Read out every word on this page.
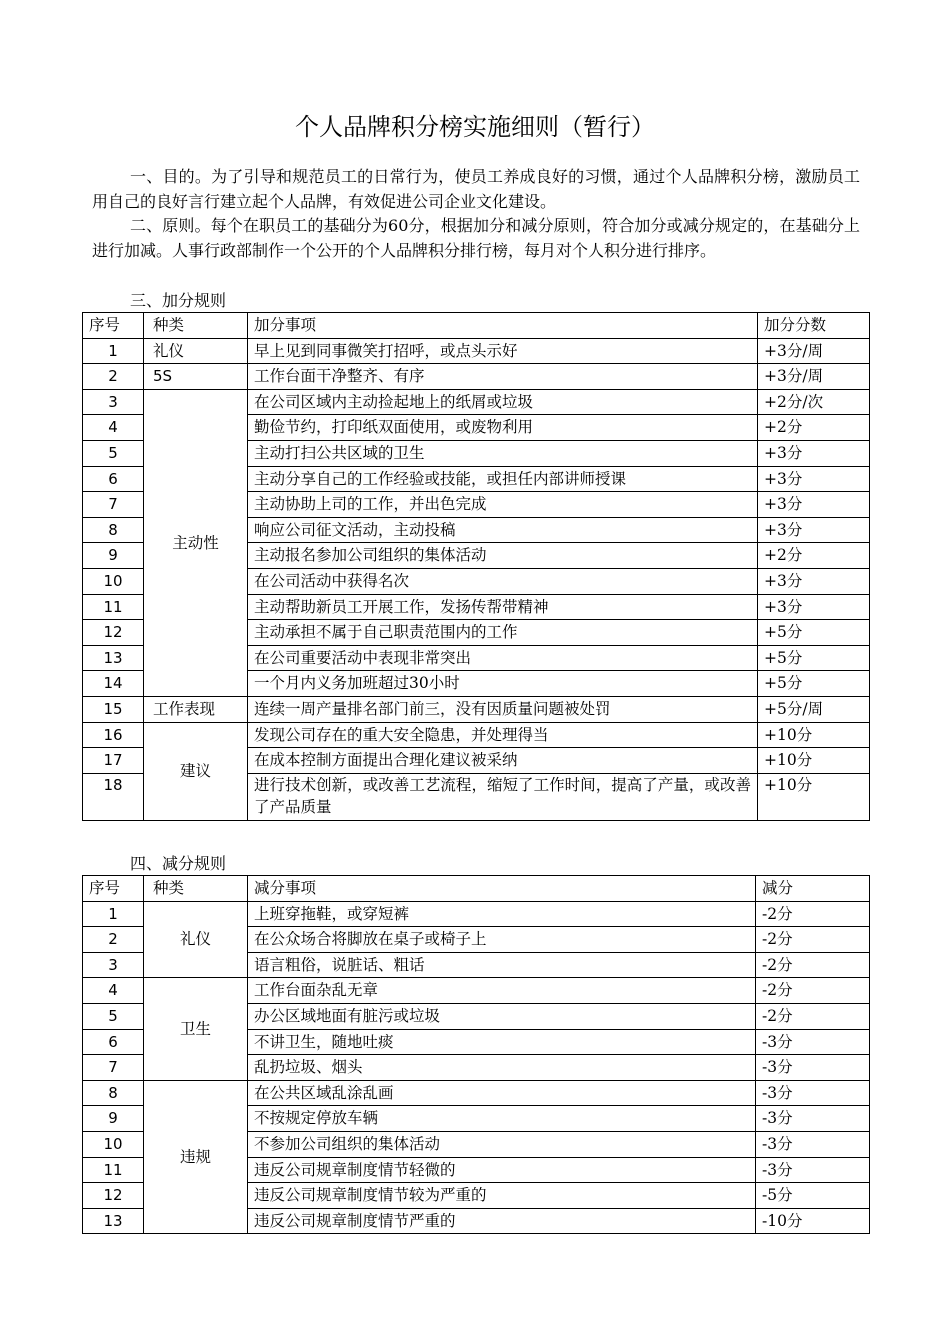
个人品牌积分榜实施细则（暂行）
一、目的。为了引导和规范员工的日常行为，使员工养成良好的习惯，通过个人品牌积分榜，激励员工用自己的良好言行建立起个人品牌，有效促进公司企业文化建设。
二、原则。每个在职员工的基础分为60分，根据加分和减分原则，符合加分或减分规定的，在基础分上进行加减。人事行政部制作一个公开的个人品牌积分排行榜，每月对个人积分进行排序。
三、加分规则
序号	种类	加分事项	加分分数
1	礼仪	早上见到同事微笑打招呼，或点头示好	+3分/周
2	5S	工作台面干净整齐、有序	+3分/周
3	主动性	在公司区域内主动捡起地上的纸屑或垃圾	+2分/次
4		勤俭节约，打印纸双面使用，或废物利用	+2分
5		主动打扫公共区域的卫生	+3分
6		主动分享自己的工作经验或技能，或担任内部讲师授课	+3分
7		主动协助上司的工作，并出色完成	+3分
8		响应公司征文活动，主动投稿	+3分
9		主动报名参加公司组织的集体活动	+2分
10		在公司活动中获得名次	+3分
11		主动帮助新员工开展工作，发扬传帮带精神	+3分
12		主动承担不属于自己职责范围内的工作	+5分
13		在公司重要活动中表现非常突出	+5分
14		一个月内义务加班超过30小时	+5分
15	工作表现	连续一周产量排名部门前三，没有因质量问题被处罚	+5分/周
16	建议	发现公司存在的重大安全隐患，并处理得当	+10分
17		在成本控制方面提出合理化建议被采纳	+10分
18		进行技术创新，或改善工艺流程，缩短了工作时间，提高了产量，或改善了产品质量	+10分
四、减分规则
序号	种类	减分事项	减分
1	礼仪	上班穿拖鞋，或穿短裤	-2分
2		在公众场合将脚放在桌子或椅子上	-2分
3		语言粗俗，说脏话、粗话	-2分
4	卫生	工作台面杂乱无章	-2分
5		办公区域地面有脏污或垃圾	-2分
6		不讲卫生，随地吐痰	-3分
7		乱扔垃圾、烟头	-3分
8	违规	在公共区域乱涂乱画	-3分
9		不按规定停放车辆	-3分
10		不参加公司组织的集体活动	-3分
11		违反公司规章制度情节轻微的	-3分
12		违反公司规章制度情节较为严重的	-5分
13		违反公司规章制度情节严重的	-10分
